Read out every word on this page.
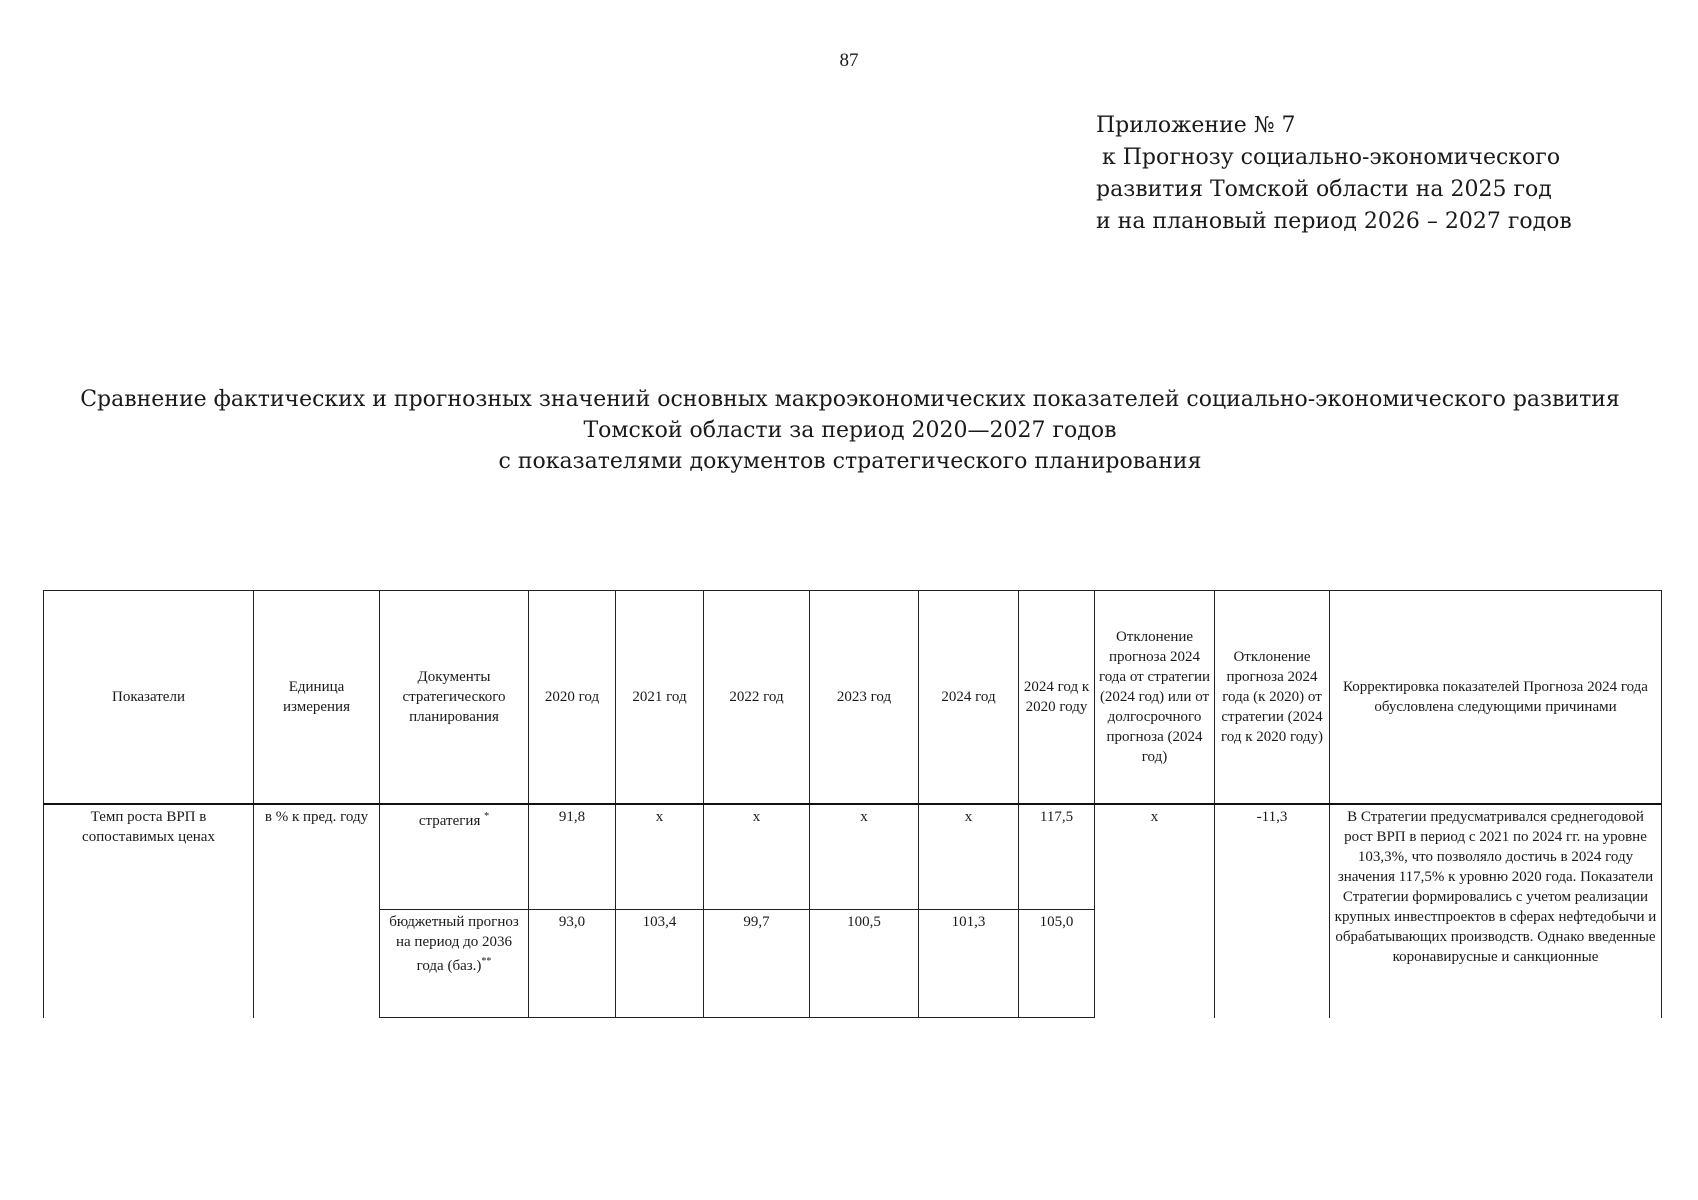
87
Приложение № 7
к Прогнозу социально-экономического
развития Томской области на 2025 год
и на плановый период 2026 – 2027 годов
Сравнение фактических и прогнозных значений основных макроэкономических показателей социально-экономического развития Томской области за период 2020—2027 годов
с показателями документов стратегического планирования
Показатели	Единица измерения	Документы стратегического планирования	2020 год	2021 год	2022 год	2023 год	2024 год	2024 год к 2020 году	Отклонение прогноза 2024 года от стратегии (2024 год) или от долгосрочного прогноза (2024 год)	Отклонение прогноза 2024 года (к 2020) от стратегии (2024 год к 2020 году)	Корректировка показателей Прогноза 2024 года обусловлена следующими причинами
Темп роста ВРП в сопоставимых ценах	в % к пред. году	стратегия *	91,8	x	x	x	x	117,5	x	-11,3	В Стратегии предусматривался среднегодовой рост ВРП в период с 2021 по 2024 гг. на уровне 103,3%, что позволяло достичь в 2024 году значения 117,5% к уровню 2020 года. Показатели Стратегии формировались с учетом реализации крупных инвестпроектов в сферах нефтедобычи и обрабатывающих производств. Однако введенные коронавирусные и санкционные
		бюджетный прогноз на период до 2036 года (баз.)**	93,0	103,4	99,7	100,5	101,3	105,0			
